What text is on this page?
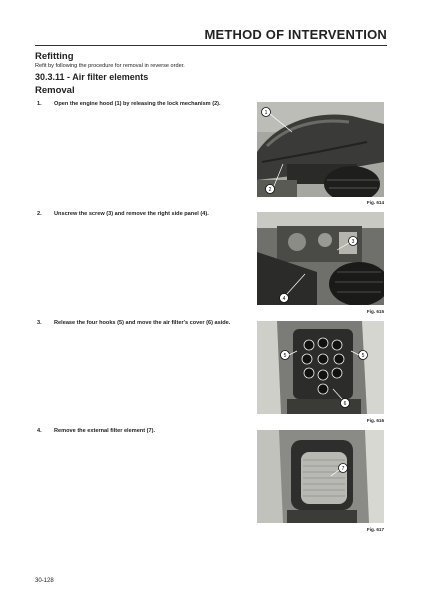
METHOD OF INTERVENTION
Refitting
Refit by following the procedure for removal in reverse order.
30.3.11 - Air filter elements
Removal
1. Open the engine hood (1) by releasing the lock mechanism (2).
1
2
Fig. 614
2. Unscrew the screw (3) and remove the right side panel (4).
3
4
Fig. 615
3. Release the four hooks (5) and move the air filter's cover (6) aside.
5	5
6
Fig. 616
4. Remove the external filter element (7).
7
Fig. 617
30-128
